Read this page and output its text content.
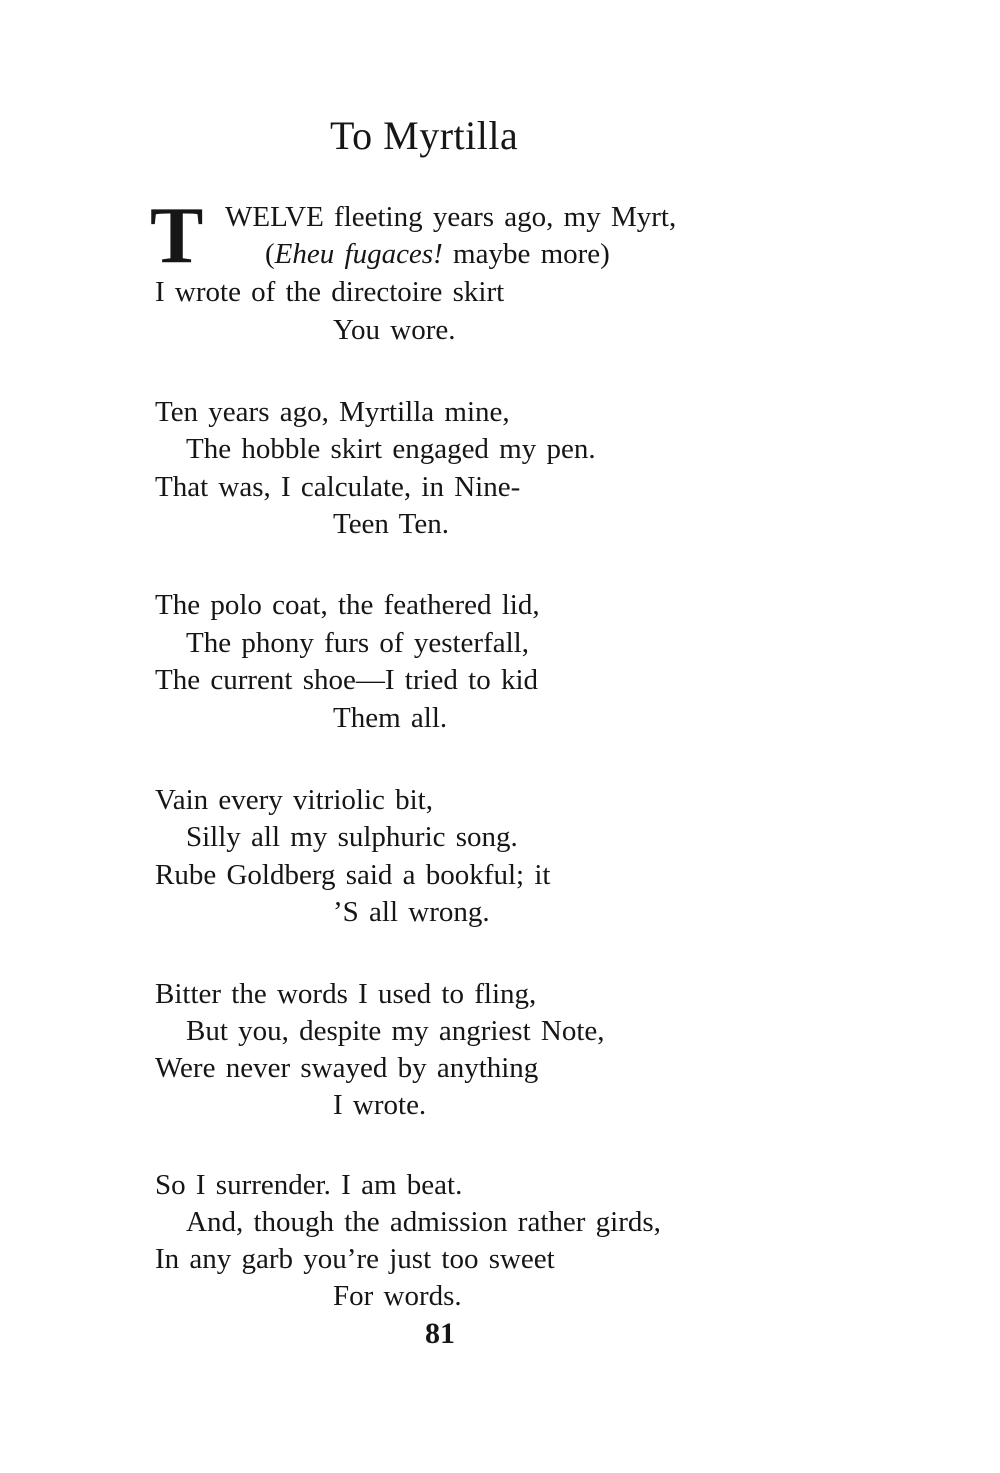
To Myrtilla
T WELVE fleeting years ago, my Myrt,
(Eheu fugaces! maybe more)
I wrote of the directoire skirt
You wore.
Ten years ago, Myrtilla mine,
The hobble skirt engaged my pen.
That was, I calculate, in Nine-
Teen Ten.
The polo coat, the feathered lid,
The phony furs of yesterfall,
The current shoe—I tried to kid
Them all.
Vain every vitriolic bit,
Silly all my sulphuric song.
Rube Goldberg said a bookful; it
’S all wrong.
Bitter the words I used to fling,
But you, despite my angriest Note,
Were never swayed by anything
I wrote.
So I surrender. I am beat.
And, though the admission rather girds,
In any garb you’re just too sweet
For words.
81
